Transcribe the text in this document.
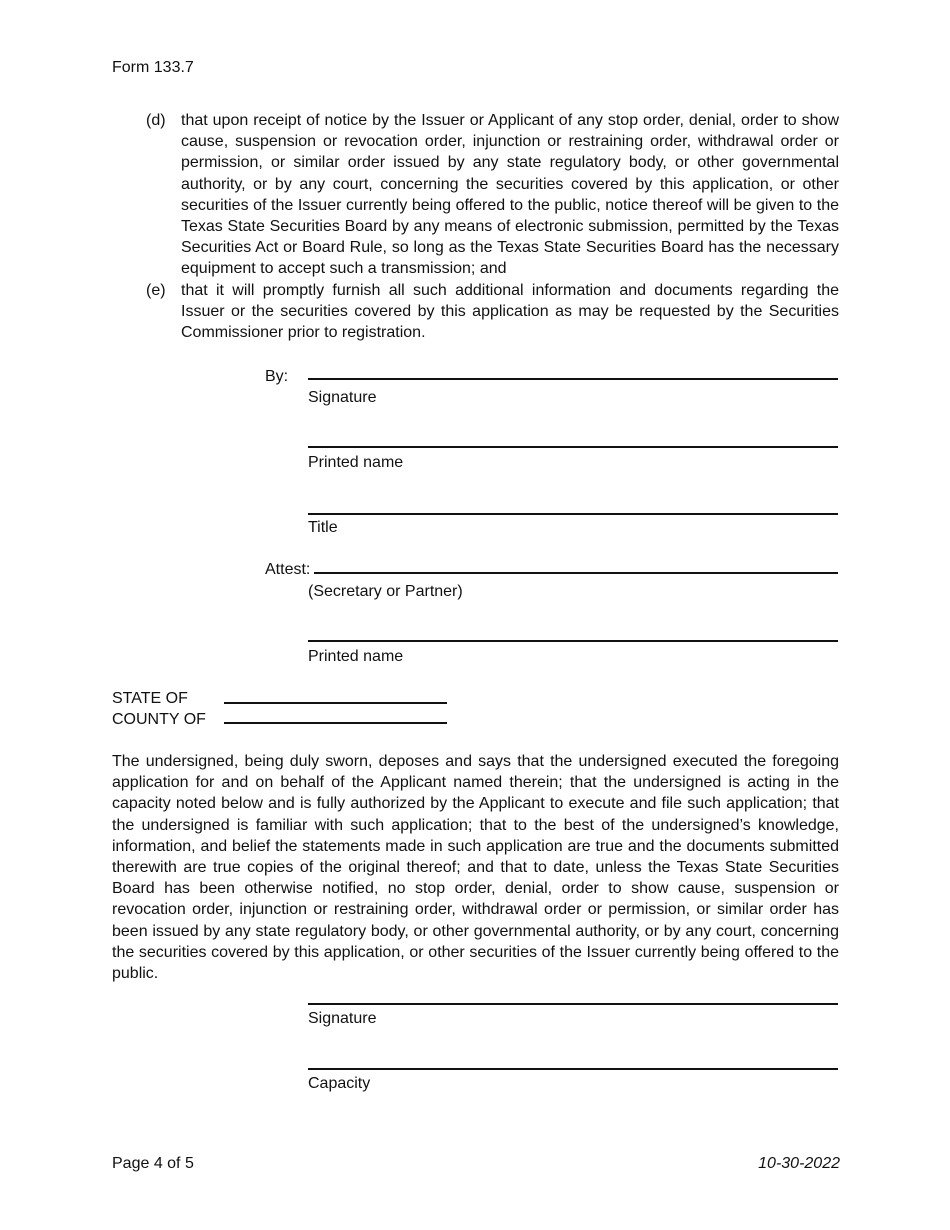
Form 133.7
(d) that upon receipt of notice by the Issuer or Applicant of any stop order, denial, order to show cause, suspension or revocation order, injunction or restraining order, withdrawal order or permission, or similar order issued by any state regulatory body, or other governmental authority, or by any court, concerning the securities covered by this application, or other securities of the Issuer currently being offered to the public, notice thereof will be given to the Texas State Securities Board by any means of electronic submission, permitted by the Texas Securities Act or Board Rule, so long as the Texas State Securities Board has the necessary equipment to accept such a transmission; and
(e) that it will promptly furnish all such additional information and documents regarding the Issuer or the securities covered by this application as may be requested by the Securities Commissioner prior to registration.
By:
Signature
Printed name
Title
Attest:
(Secretary or Partner)
Printed name
STATE OF
COUNTY OF
The undersigned, being duly sworn, deposes and says that the undersigned executed the foregoing application for and on behalf of the Applicant named therein; that the undersigned is acting in the capacity noted below and is fully authorized by the Applicant to execute and file such application; that the undersigned is familiar with such application; that to the best of the undersigned’s knowledge, information, and belief the statements made in such application are true and the documents submitted therewith are true copies of the original thereof; and that to date, unless the Texas State Securities Board has been otherwise notified, no stop order, denial, order to show cause, suspension or revocation order, injunction or restraining order, withdrawal order or permission, or similar order has been issued by any state regulatory body, or other governmental authority, or by any court, concerning the securities covered by this application, or other securities of the Issuer currently being offered to the public.
Signature
Capacity
Page 4 of 5	10-30-2022
